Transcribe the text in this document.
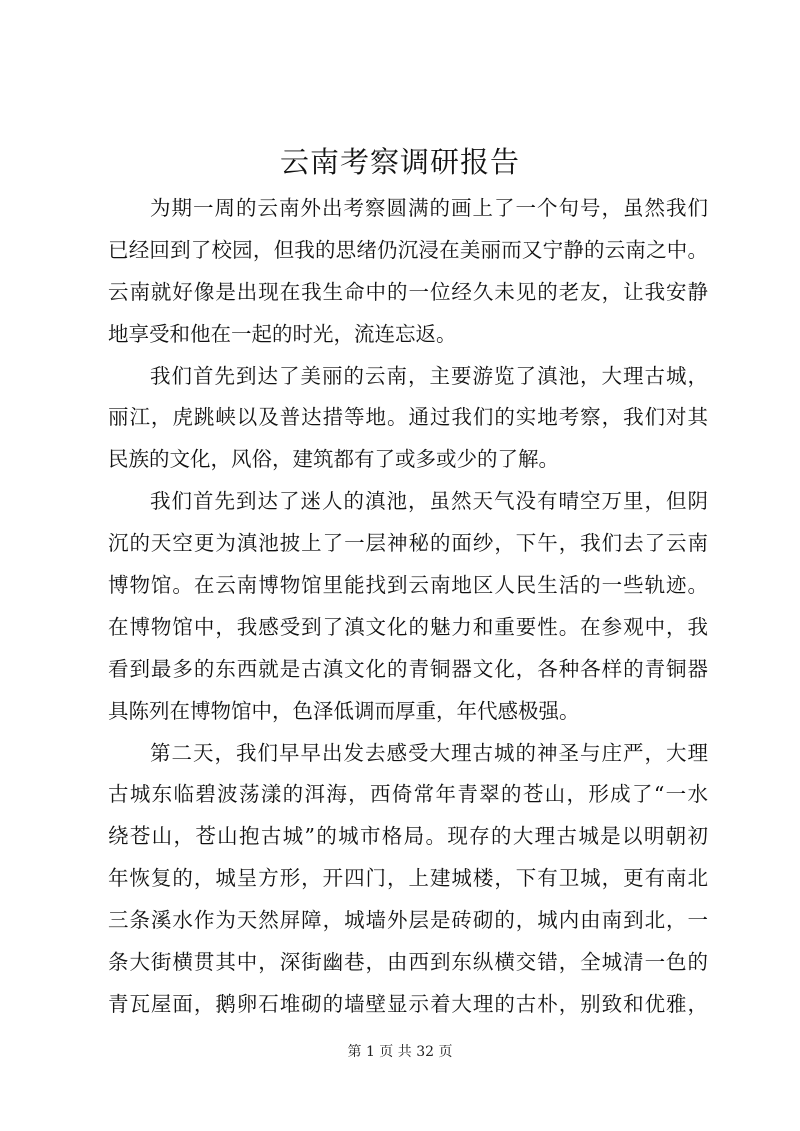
云南考察调研报告
为期一周的云南外出考察圆满的画上了一个句号，虽然我们
已经回到了校园，但我的思绪仍沉浸在美丽而又宁静的云南之中。
云南就好像是出现在我生命中的一位经久未见的老友，让我安静
地享受和他在一起的时光，流连忘返。
我们首先到达了美丽的云南，主要游览了滇池，大理古城，
丽江，虎跳峡以及普达措等地。通过我们的实地考察，我们对其
民族的文化，风俗，建筑都有了或多或少的了解。
我们首先到达了迷人的滇池，虽然天气没有晴空万里，但阴
沉的天空更为滇池披上了一层神秘的面纱，下午，我们去了云南
博物馆。在云南博物馆里能找到云南地区人民生活的一些轨迹。
在博物馆中，我感受到了滇文化的魅力和重要性。在参观中，我
看到最多的东西就是古滇文化的青铜器文化，各种各样的青铜器
具陈列在博物馆中，色泽低调而厚重，年代感极强。
第二天，我们早早出发去感受大理古城的神圣与庄严，大理
古城东临碧波荡漾的洱海，西倚常年青翠的苍山，形成了“一水
绕苍山，苍山抱古城”的城市格局。现存的大理古城是以明朝初
年恢复的，城呈方形，开四门，上建城楼，下有卫城，更有南北
三条溪水作为天然屏障，城墙外层是砖砌的，城内由南到北，一
条大街横贯其中，深街幽巷，由西到东纵横交错，全城清一色的
青瓦屋面，鹅卵石堆砌的墙壁显示着大理的古朴，别致和优雅，
第 1 页 共 32 页
